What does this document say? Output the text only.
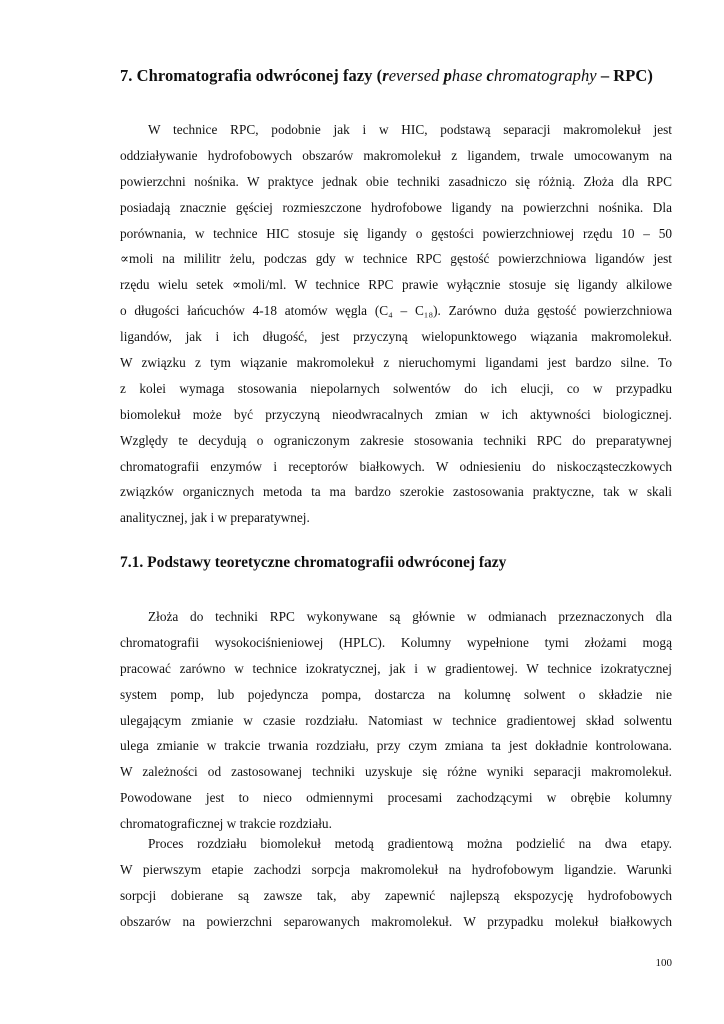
7. Chromatografia odwróconej fazy (reversed phase chromatography – RPC)
W technice RPC, podobnie jak i w HIC, podstawą separacji makromolekuł jest
oddziaływanie hydrofobowych obszarów makromolekuł z ligandem, trwale umocowanym na
powierzchni nośnika. W praktyce jednak obie techniki zasadniczo się różnią. Złoża dla RPC
posiadają znacznie gęściej rozmieszczone hydrofobowe ligandy na powierzchni nośnika. Dla
porównania, w technice HIC stosuje się ligandy o gęstości powierzchniowej rzędu 10 – 50
∝moli na mililitr żelu, podczas gdy w technice RPC gęstość powierzchniowa ligandów jest
rzędu wielu setek ∝moli/ml. W technice RPC prawie wyłącznie stosuje się ligandy alkilowe
o długości łańcuchów 4-18 atomów węgla (C₄ – C₁₈). Zarówno duża gęstość powierzchniowa
ligandów, jak i ich długość, jest przyczyną wielopunktowego wiązania makromolekuł.
W związku z tym wiązanie makromolekuł z nieruchomymi ligandami jest bardzo silne. To
z kolei wymaga stosowania niepolarnych solwentów do ich elucji, co w przypadku
biomolekuł może być przyczyną nieodwracalnych zmian w ich aktywności biologicznej.
Względy te decydują o ograniczonym zakresie stosowania techniki RPC do preparatywnej
chromatografii enzymów i receptorów białkowych. W odniesieniu do niskocząsteczkowych
związków organicznych metoda ta ma bardzo szerokie zastosowania praktyczne, tak w skali
analitycznej, jak i w preparatywnej.
7.1. Podstawy teoretyczne chromatografii odwróconej fazy
Złoża do techniki RPC wykonywane są głównie w odmianach przeznaczonych dla
chromatografii wysokociśnieniowej (HPLC). Kolumny wypełnione tymi złożami mogą
pracować zarówno w technice izokratycznej, jak i w gradientowej. W technice izokratycznej
system pomp, lub pojedyncza pompa, dostarcza na kolumnę solwent o składzie nie
ulegającym zmianie w czasie rozdziału. Natomiast w technice gradientowej skład solwentu
ulega zmianie w trakcie trwania rozdziału, przy czym zmiana ta jest dokładnie kontrolowana.
W zależności od zastosowanej techniki uzyskuje się różne wyniki separacji makromolekuł.
Powodowane jest to nieco odmiennymi procesami zachodzącymi w obrębie kolumny
chromatograficznej w trakcie rozdziału.
Proces rozdziału biomolekuł metodą gradientową można podzielić na dwa etapy.
W pierwszym etapie zachodzi sorpcja makromolekuł na hydrofobowym ligandzie. Warunki
sorpcji dobierane są zawsze tak, aby zapewnić najlepszą ekspozycję hydrofobowych
obszarów na powierzchni separowanych makromolekuł. W przypadku molekuł białkowych
100
